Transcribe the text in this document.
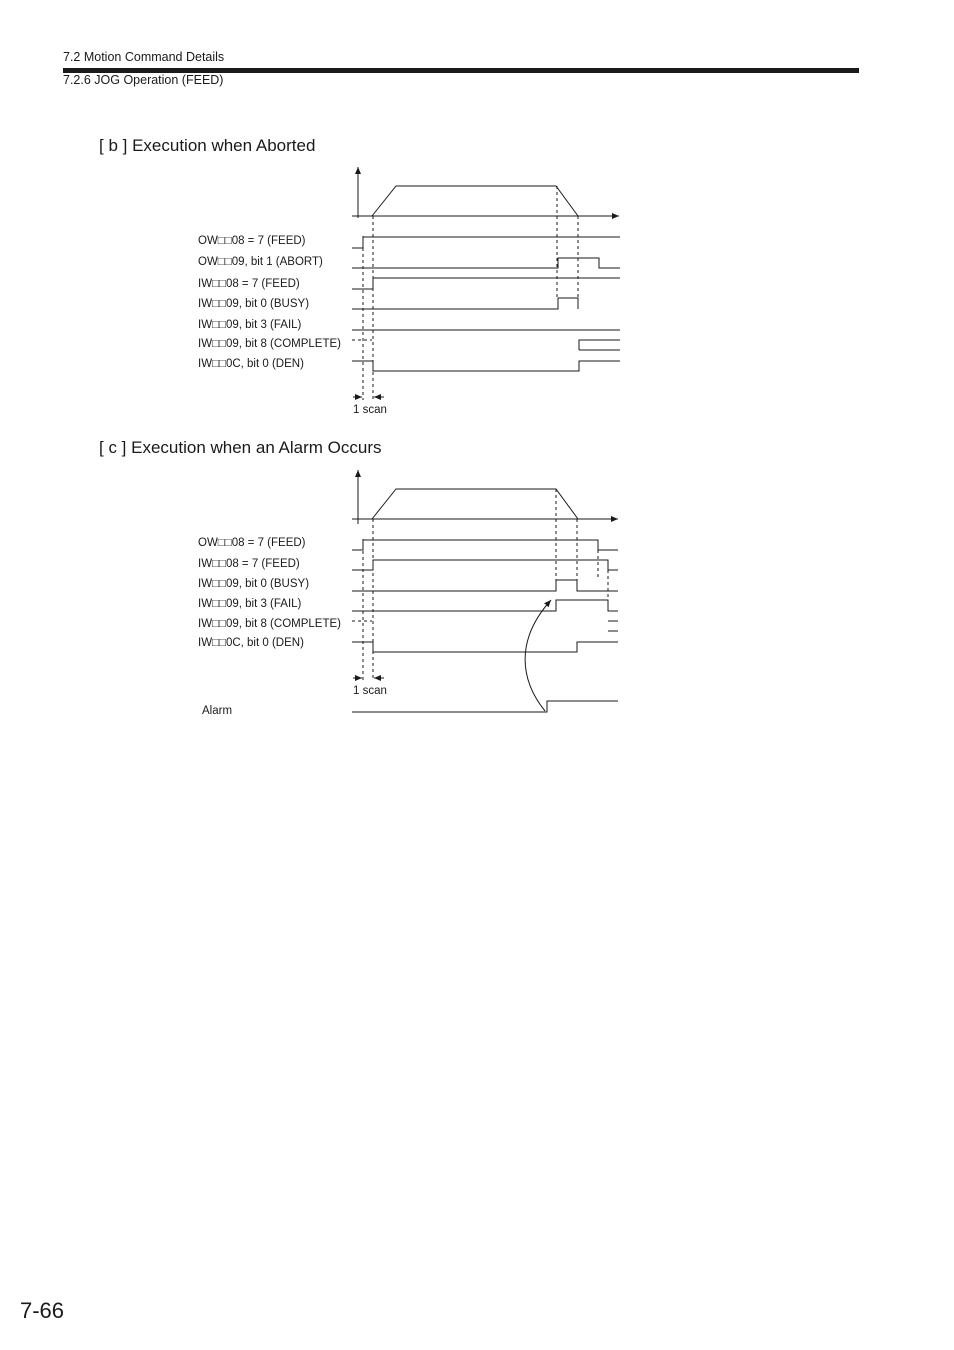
7.2 Motion Command Details
7.2.6 JOG Operation (FEED)
[ b ] Execution when Aborted
OW□□08 = 7 (FEED)
OW□□09, bit 1 (ABORT)
IW□□08 = 7 (FEED)
IW□□09, bit 0 (BUSY)
IW□□09, bit 3 (FAIL)
IW□□09, bit 8 (COMPLETE)
IW□□0C, bit 0 (DEN)
1 scan
[ c ] Execution when an Alarm Occurs
OW□□08 = 7 (FEED)
IW□□08 = 7 (FEED)
IW□□09, bit 0 (BUSY)
IW□□09, bit 3 (FAIL)
IW□□09, bit 8 (COMPLETE)
IW□□0C, bit 0 (DEN)
1 scan
Alarm
7-66
